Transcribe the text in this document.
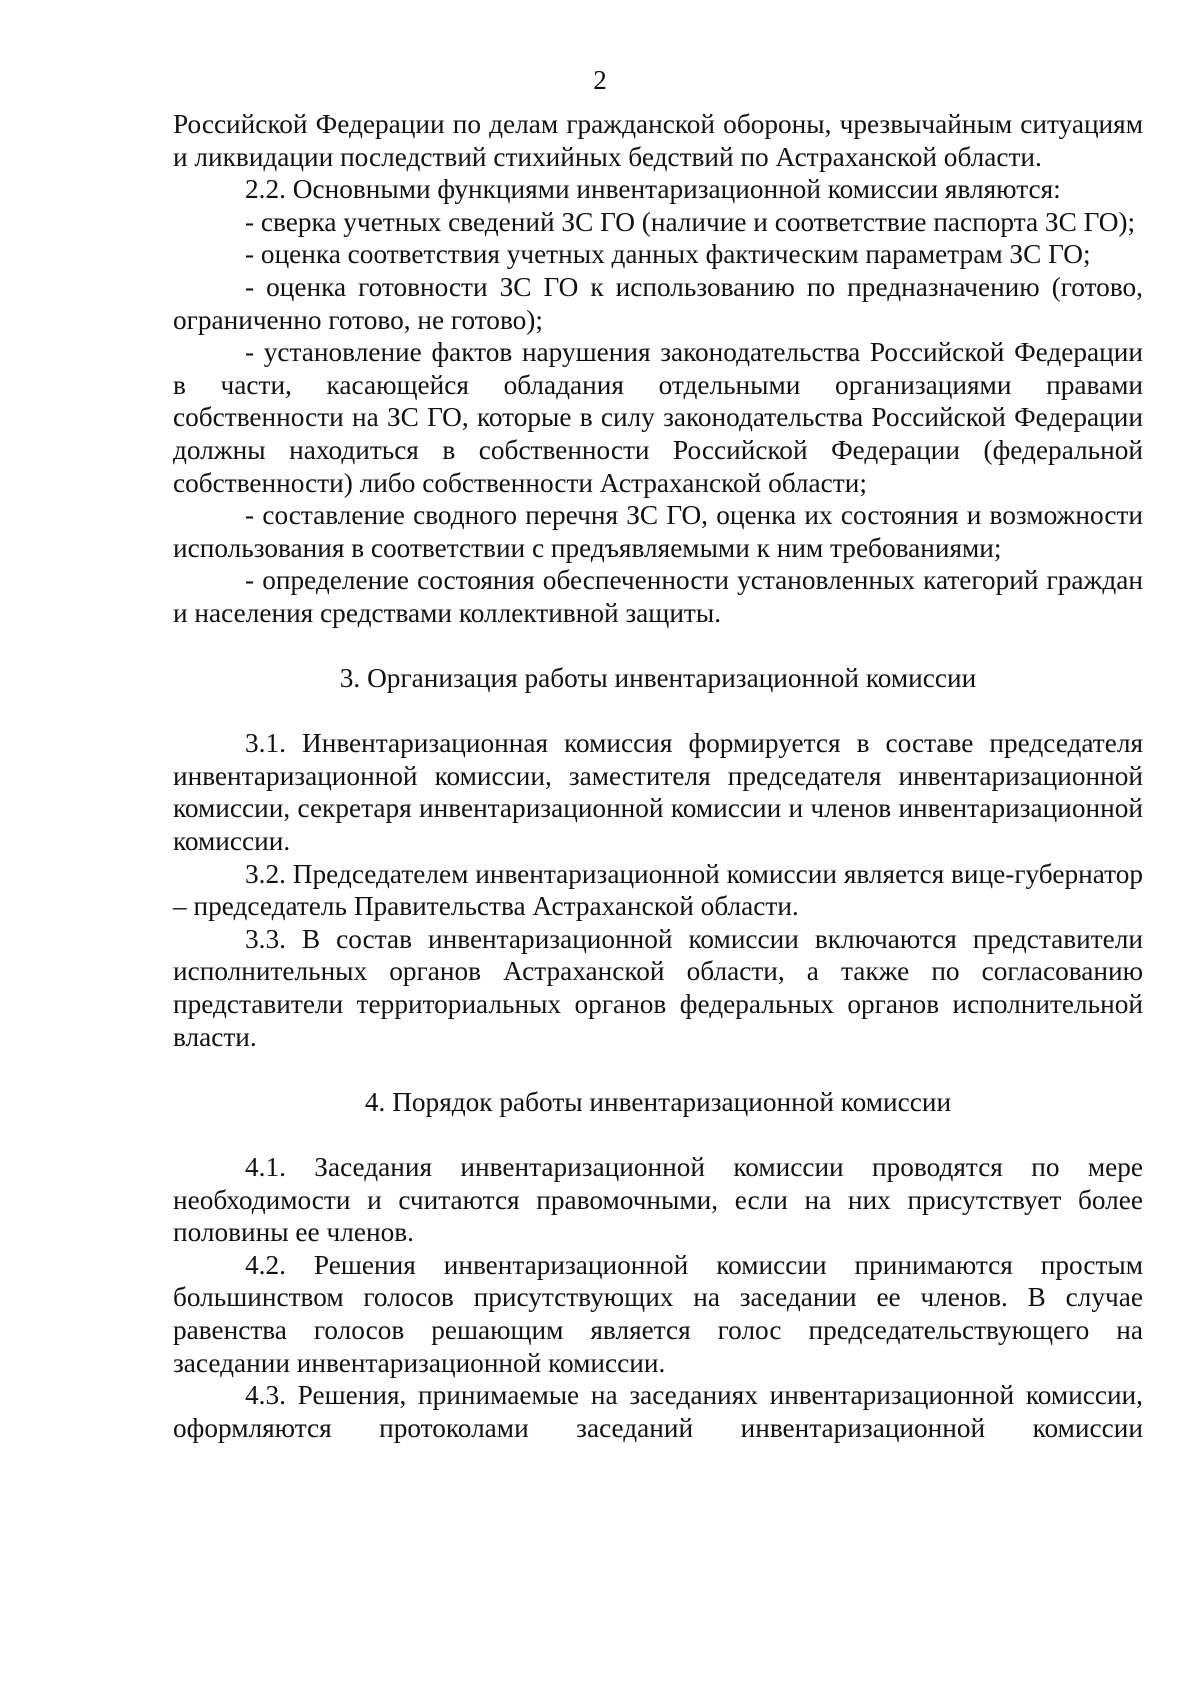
2

Российской Федерации по делам гражданской обороны, чрезвычайным ситуациям и ликвидации последствий стихийных бедствий по Астраханской области.

2.2. Основными функциями инвентаризационной комиссии являются:

- сверка учетных сведений ЗС ГО (наличие и соответствие паспорта ЗС ГО);

- оценка соответствия учетных данных фактическим параметрам ЗС ГО;

- оценка готовности ЗС ГО к использованию по предназначению (готово, ограниченно готово, не готово);

- установление фактов нарушения законодательства Российской Федерации в части, касающейся обладания отдельными организациями правами собственности на ЗС ГО, которые в силу законодательства Российской Федерации должны находиться в собственности Российской Федерации (федеральной собственности) либо собственности Астраханской области;

- составление сводного перечня ЗС ГО, оценка их состояния и возможности использования в соответствии с предъявляемыми к ним требованиями;

- определение состояния обеспеченности установленных категорий граждан и населения средствами коллективной защиты.

3. Организация работы инвентаризационной комиссии

3.1. Инвентаризационная комиссия формируется в составе председателя инвентаризационной комиссии, заместителя председателя инвентаризационной комиссии, секретаря инвентаризационной комиссии и членов инвентаризационной комиссии.

3.2. Председателем инвентаризационной комиссии является вице-губернатор – председатель Правительства Астраханской области.

3.3. В состав инвентаризационной комиссии включаются представители исполнительных органов Астраханской области, а также по согласованию представители территориальных органов федеральных органов исполнительной власти.

4. Порядок работы инвентаризационной комиссии

4.1. Заседания инвентаризационной комиссии проводятся по мере необходимости и считаются правомочными, если на них присутствует более половины ее членов.

4.2. Решения инвентаризационной комиссии принимаются простым большинством голосов присутствующих на заседании ее членов. В случае равенства голосов решающим является голос председательствующего на заседании инвентаризационной комиссии.

4.3. Решения, принимаемые на заседаниях инвентаризационной комиссии, оформляются протоколами заседаний инвентаризационной комиссии
